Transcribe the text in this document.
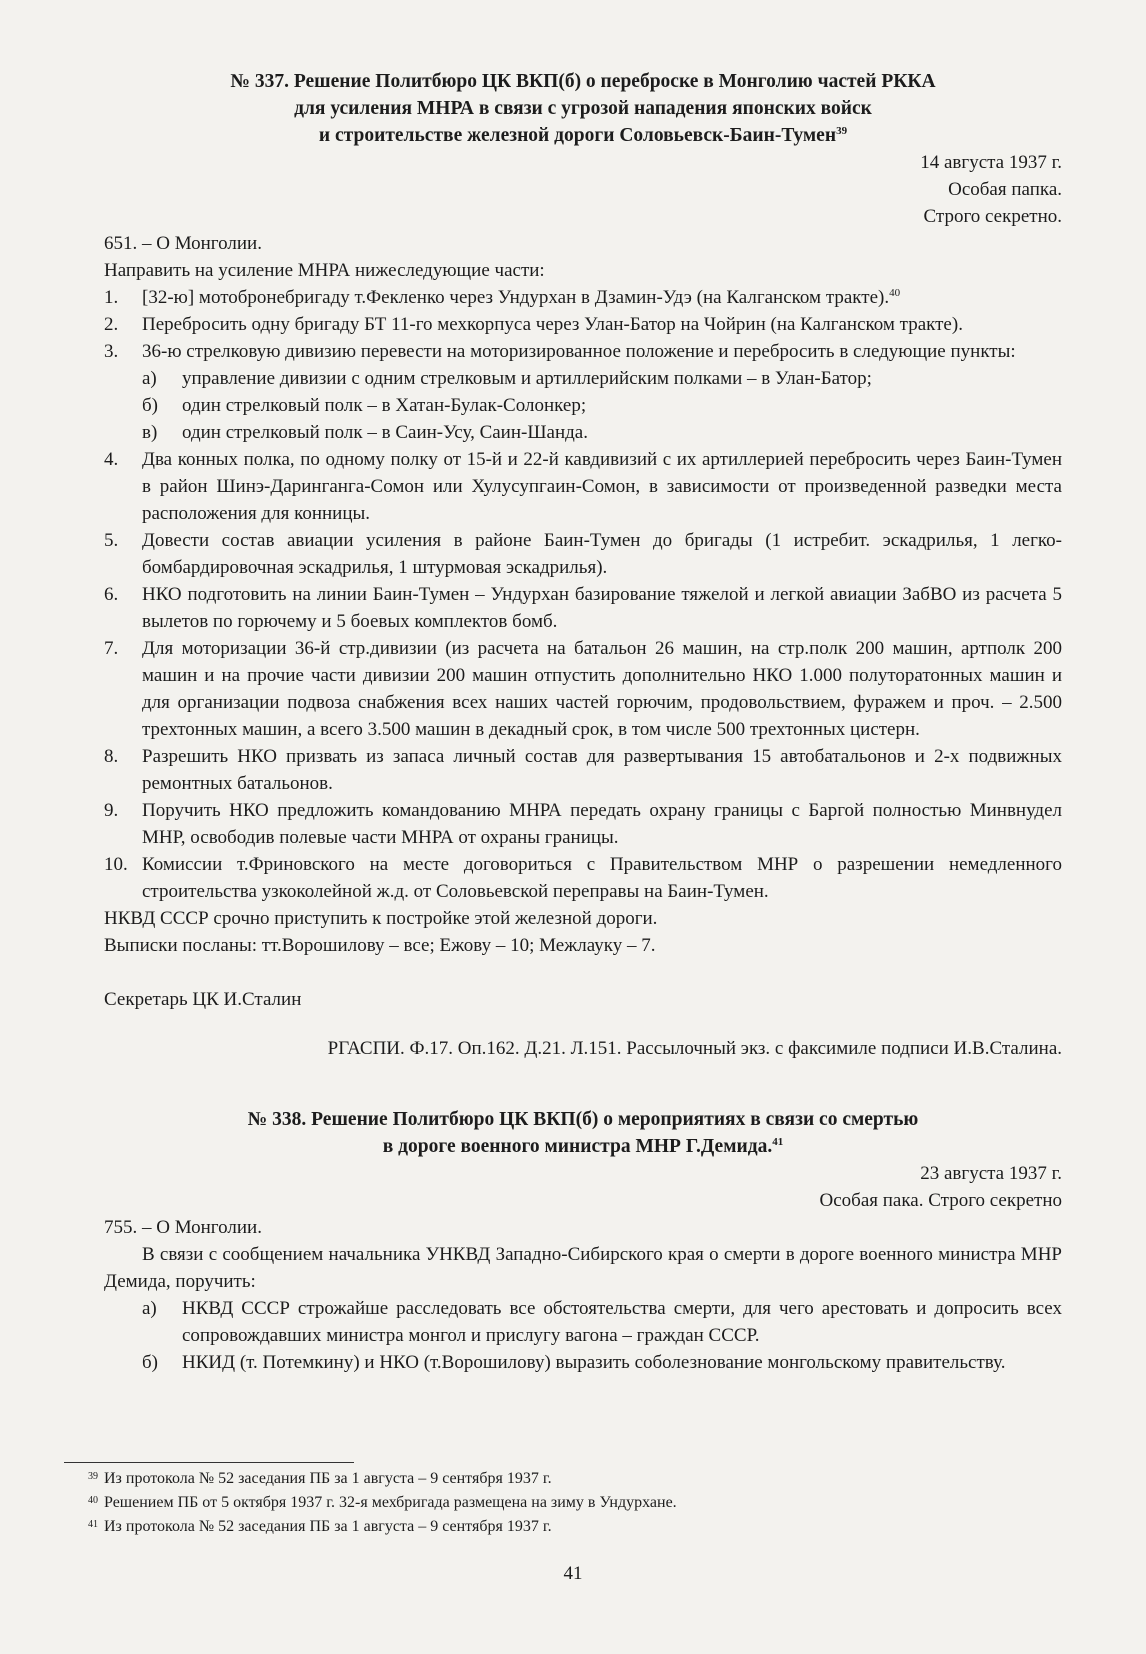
№ 337. Решение Политбюро ЦК ВКП(б) о переброске в Монголию частей РККА
для усиления МНРА в связи с угрозой нападения японских войск
и строительстве железной дороги Соловьевск-Баин-Тумен$^{39}$

14 августа 1937 г.

Особая папка.

Строго секретно.

651. – О Монголии.

Направить на усиление МНРА нижеследующие части:

1. [32-ю] мотобронебригаду т.Фекленко через Ундурхан в Дзамин-Удэ (на Калганском тракте).$^{40}$
2. Перебросить одну бригаду БТ 11-го мехкорпуса через Улан-Батор на Чойрин (на Калганском тракте).
3. 36-ю стрелковую дивизию перевести на моторизированное положение и перебросить в следующие пункты:
а) управление дивизии с одним стрелковым и артиллерийским полками – в Улан-Батор;
б) один стрелковый полк – в Хатан-Булак-Солонкер;
в) один стрелковый полк – в Саин-Усу, Саин-Шанда.
4. Два конных полка, по одному полку от 15-й и 22-й кавдивизий с их артиллерией перебросить через Баин-Тумен в район Шинэ-Даринганга-Сомон или Хулусупгаин-Сомон, в зависимости от произведенной разведки места расположения для конницы.
5. Довести состав авиации усиления в районе Баин-Тумен до бригады (1 истребит. эскадрилья, 1 легко-бомбардировочная эскадрилья, 1 штурмовая эскадрилья).
6. НКО подготовить на линии Баин-Тумен – Ундурхан базирование тяжелой и легкой авиации ЗабВО из расчета 5 вылетов по горючему и 5 боевых комплектов бомб.
7. Для моторизации 36-й стр.дивизии (из расчета на батальон 26 машин, на стр.полк 200 машин, артполк 200 машин и на прочие части дивизии 200 машин отпустить дополнительно НКО 1.000 полуторатонных машин и для организации подвоза снабжения всех наших частей горючим, продовольствием, фуражем и проч. – 2.500 трехтонных машин, а всего 3.500 машин в декадный срок, в том числе 500 трехтонных цистерн.
8. Разрешить НКО призвать из запаса личный состав для развертывания 15 автобатальонов и 2-х подвижных ремонтных батальонов.
9. Поручить НКО предложить командованию МНРА передать охрану границы с Баргой полностью Минвнудел МНР, освободив полевые части МНРА от охраны границы.
10. Комиссии т.Фриновского на месте договориться с Правительством МНР о разрешении немедленного строительства узкоколейной ж.д. от Соловьевской переправы на Баин-Тумен.

НКВД СССР срочно приступить к постройке этой железной дороги.

Выписки посланы: тт.Ворошилову – все; Ежову – 10; Межлауку – 7.

Секретарь ЦК И.Сталин

РГАСПИ. Ф.17. Оп.162. Д.21. Л.151. Рассылочный экз. с факсимиле подписи И.В.Сталина.

№ 338. Решение Политбюро ЦК ВКП(б) о мероприятиях в связи со смертью
в дороге военного министра МНР Г.Демида.$^{41}$

23 августа 1937 г.

Особая пака. Строго секретно

755. – О Монголии.

В связи с сообщением начальника УНКВД Западно-Сибирского края о смерти в дороге военного министра МНР Демида, поручить:

а) НКВД СССР строжайше расследовать все обстоятельства смерти, для чего арестовать и допросить всех сопровождавших министра монгол и прислугу вагона – граждан СССР.
б) НКИД (т. Потемкину) и НКО (т.Ворошилову) выразить соболезнование монгольскому правительству.
39 Из протокола № 52 заседания ПБ за 1 августа – 9 сентября 1937 г.
40 Решением ПБ от 5 октября 1937 г. 32-я мехбригада размещена на зиму в Ундурхане.
41 Из протокола № 52 заседания ПБ за 1 августа – 9 сентября 1937 г.
41
